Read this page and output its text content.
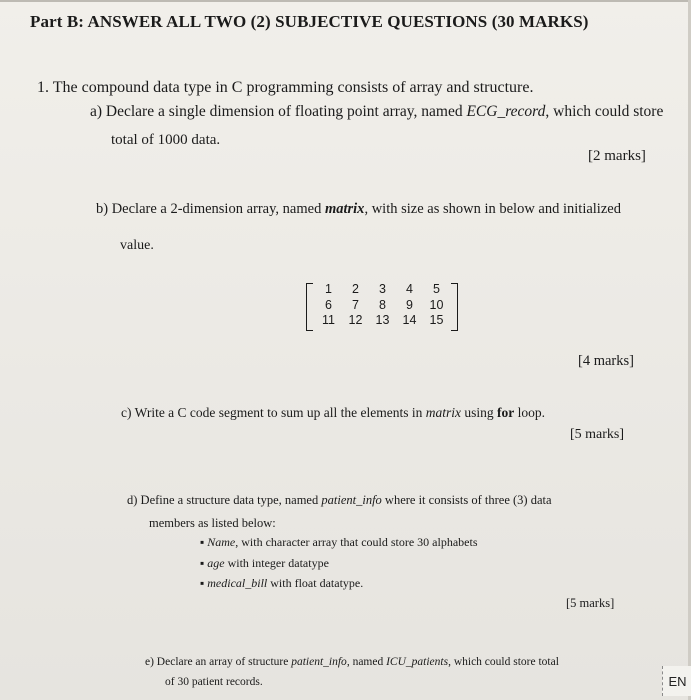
Part B: ANSWER ALL TWO (2) SUBJECTIVE QUESTIONS (30 MARKS)
1. The compound data type in C programming consists of array and structure.
a) Declare a single dimension of floating point array, named ECG_record, which could store
total of 1000 data.
[2 marks]
b) Declare a 2-dimension array, named matrix, with size as shown in below and initialized
value.
1	2	3	4	5
6	7	8	9	10
11	12	13	14	15
[4 marks]
c) Write a C code segment to sum up all the elements in matrix using for loop.
[5 marks]
d) Define a structure data type, named patient_info where it consists of three (3) data
members as listed below:
▪ Name, with character array that could store 30 alphabets
▪ age with integer datatype
▪ medical_bill with float datatype.
[5 marks]
e) Declare an array of structure patient_info, named ICU_patients, which could store total
of 30 patient records.	EN
